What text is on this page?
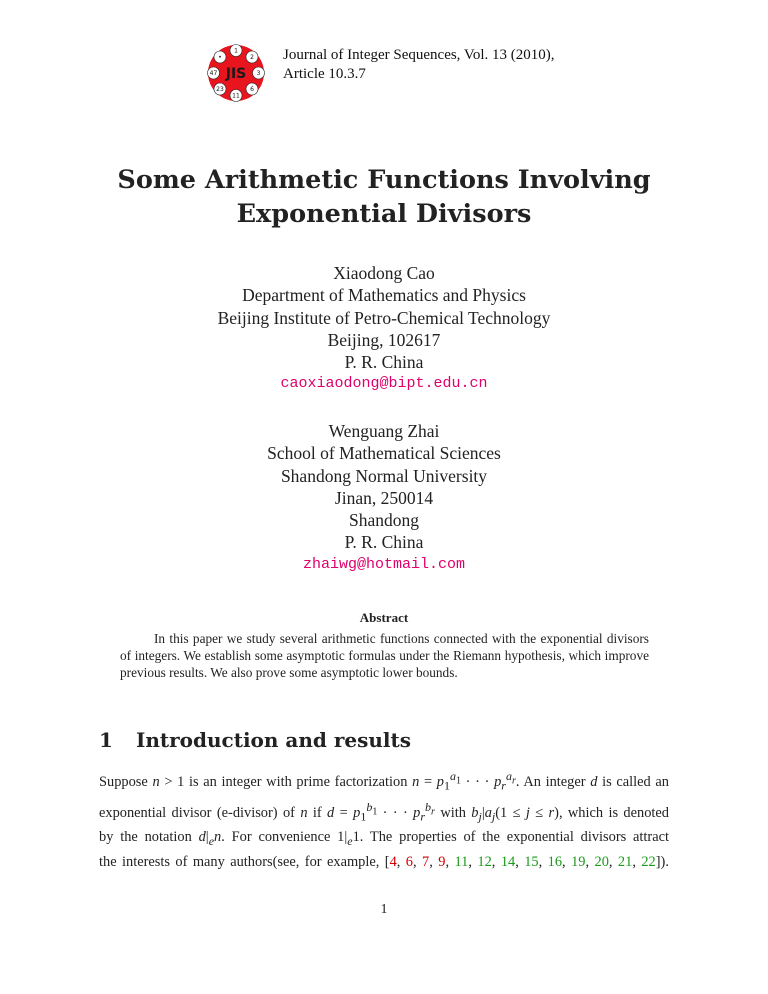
1
2
3
6
11
23
47
•
JIS
Journal of Integer Sequences, Vol. 13 (2010),
Article 10.3.7
Some Arithmetic Functions Involving
Exponential Divisors
Xiaodong Cao
Department of Mathematics and Physics
Beijing Institute of Petro-Chemical Technology
Beijing, 102617
P. R. China
caoxiaodong@bipt.edu.cn
Wenguang Zhai
School of Mathematical Sciences
Shandong Normal University
Jinan, 250014
Shandong
P. R. China
zhaiwg@hotmail.com
Abstract
In this paper we study several arithmetic functions connected with the exponential divisors of integers. We establish some asymptotic formulas under the Riemann hypothesis, which improve previous results. We also prove some asymptotic lower bounds.
1 Introduction and results
Suppose n > 1 is an integer with prime factorization $n = p_1^{a_1}$ · · · $p_r^{a_r}$. An integer d is called an
exponential divisor (e-divisor) of n if $d = p_1^{b_1}$ · · · $p_r^{b_r}$ with $b_j|a_j(1 \le j \le r)$, which is denoted
by the notation $d|_en$. For convenience $1|_e1$. The properties of the exponential divisors attract
the interests of many authors(see, for example, [4, 6, 7, 9, 11, 12, 14, 15, 16, 19, 20, 21, 22]).
1
